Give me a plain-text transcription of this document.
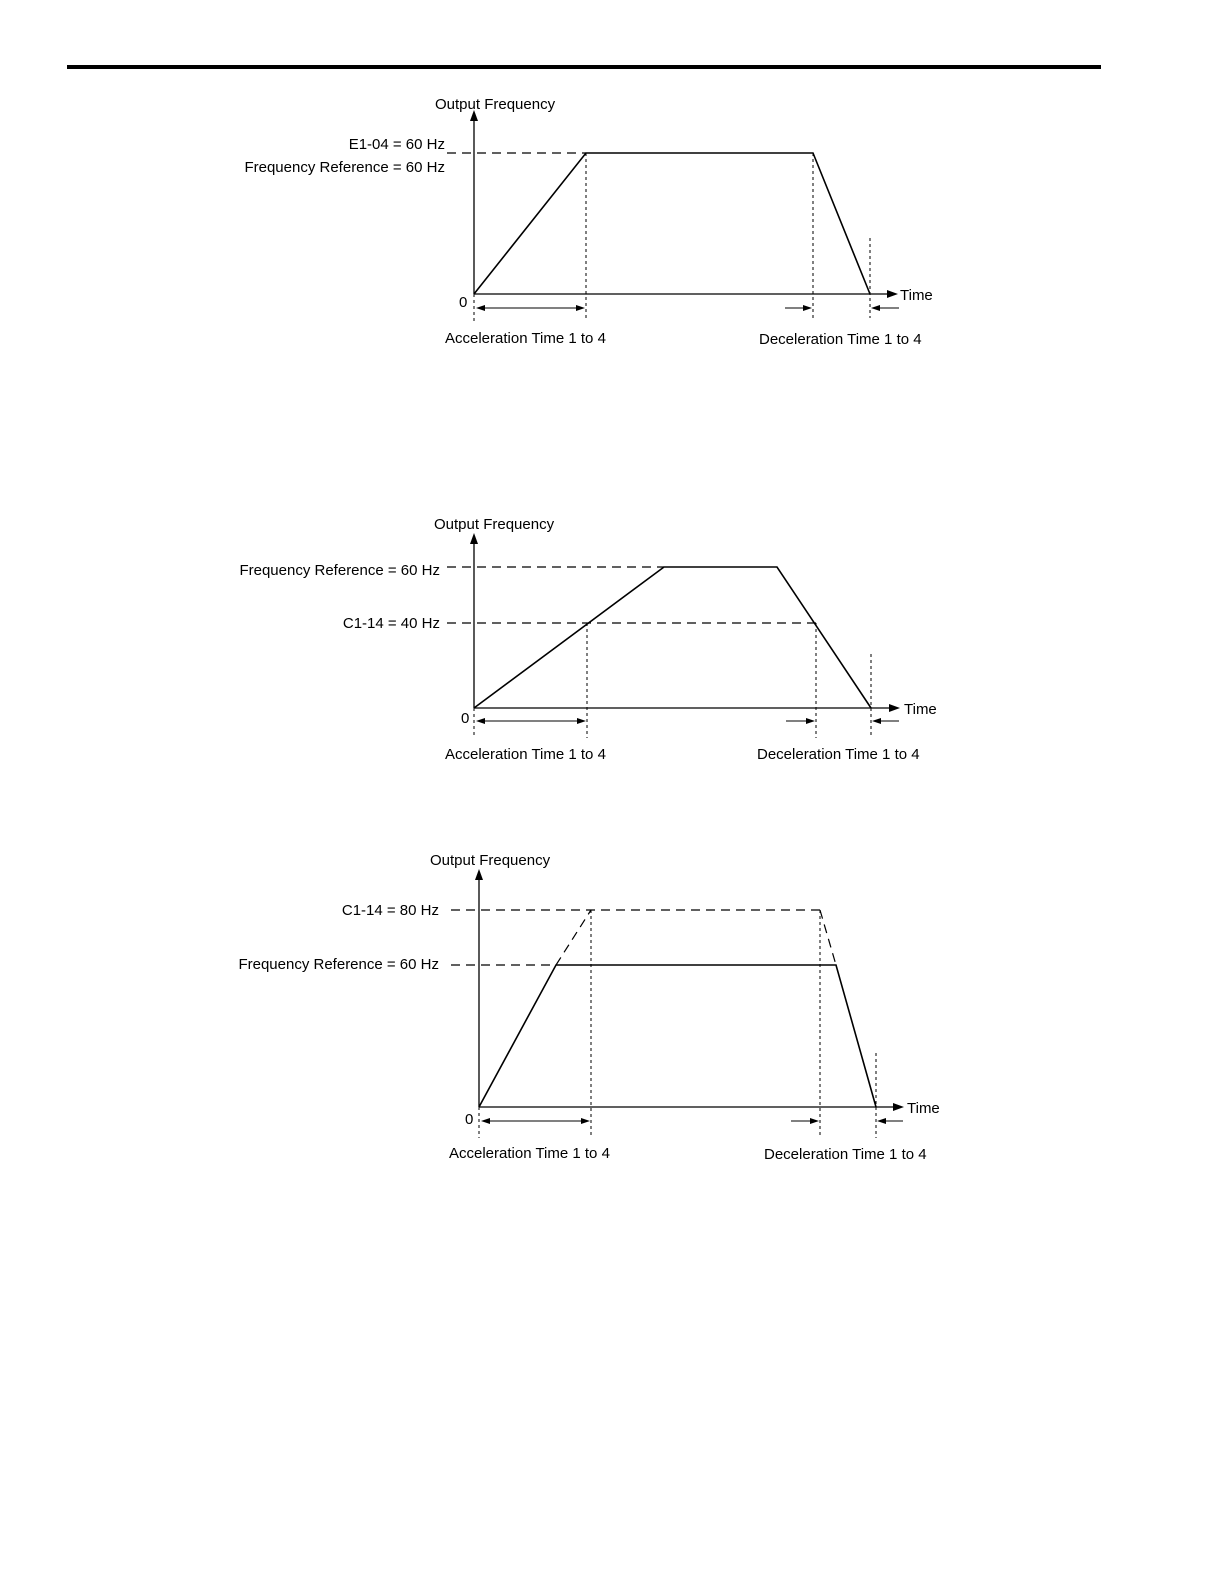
Output Frequency
Time
0
E1-04 = 60 Hz
Frequency Reference = 60 Hz
Acceleration Time 1 to 4	Deceleration Time 1 to 4
Output Frequency
Time
0
Frequency Reference = 60 Hz
C1-14 = 40 Hz
Acceleration Time 1 to 4	Deceleration Time 1 to 4
Output Frequency
Time
0
C1-14 = 80 Hz
Frequency Reference = 60 Hz
Acceleration Time 1 to 4	Deceleration Time 1 to 4
